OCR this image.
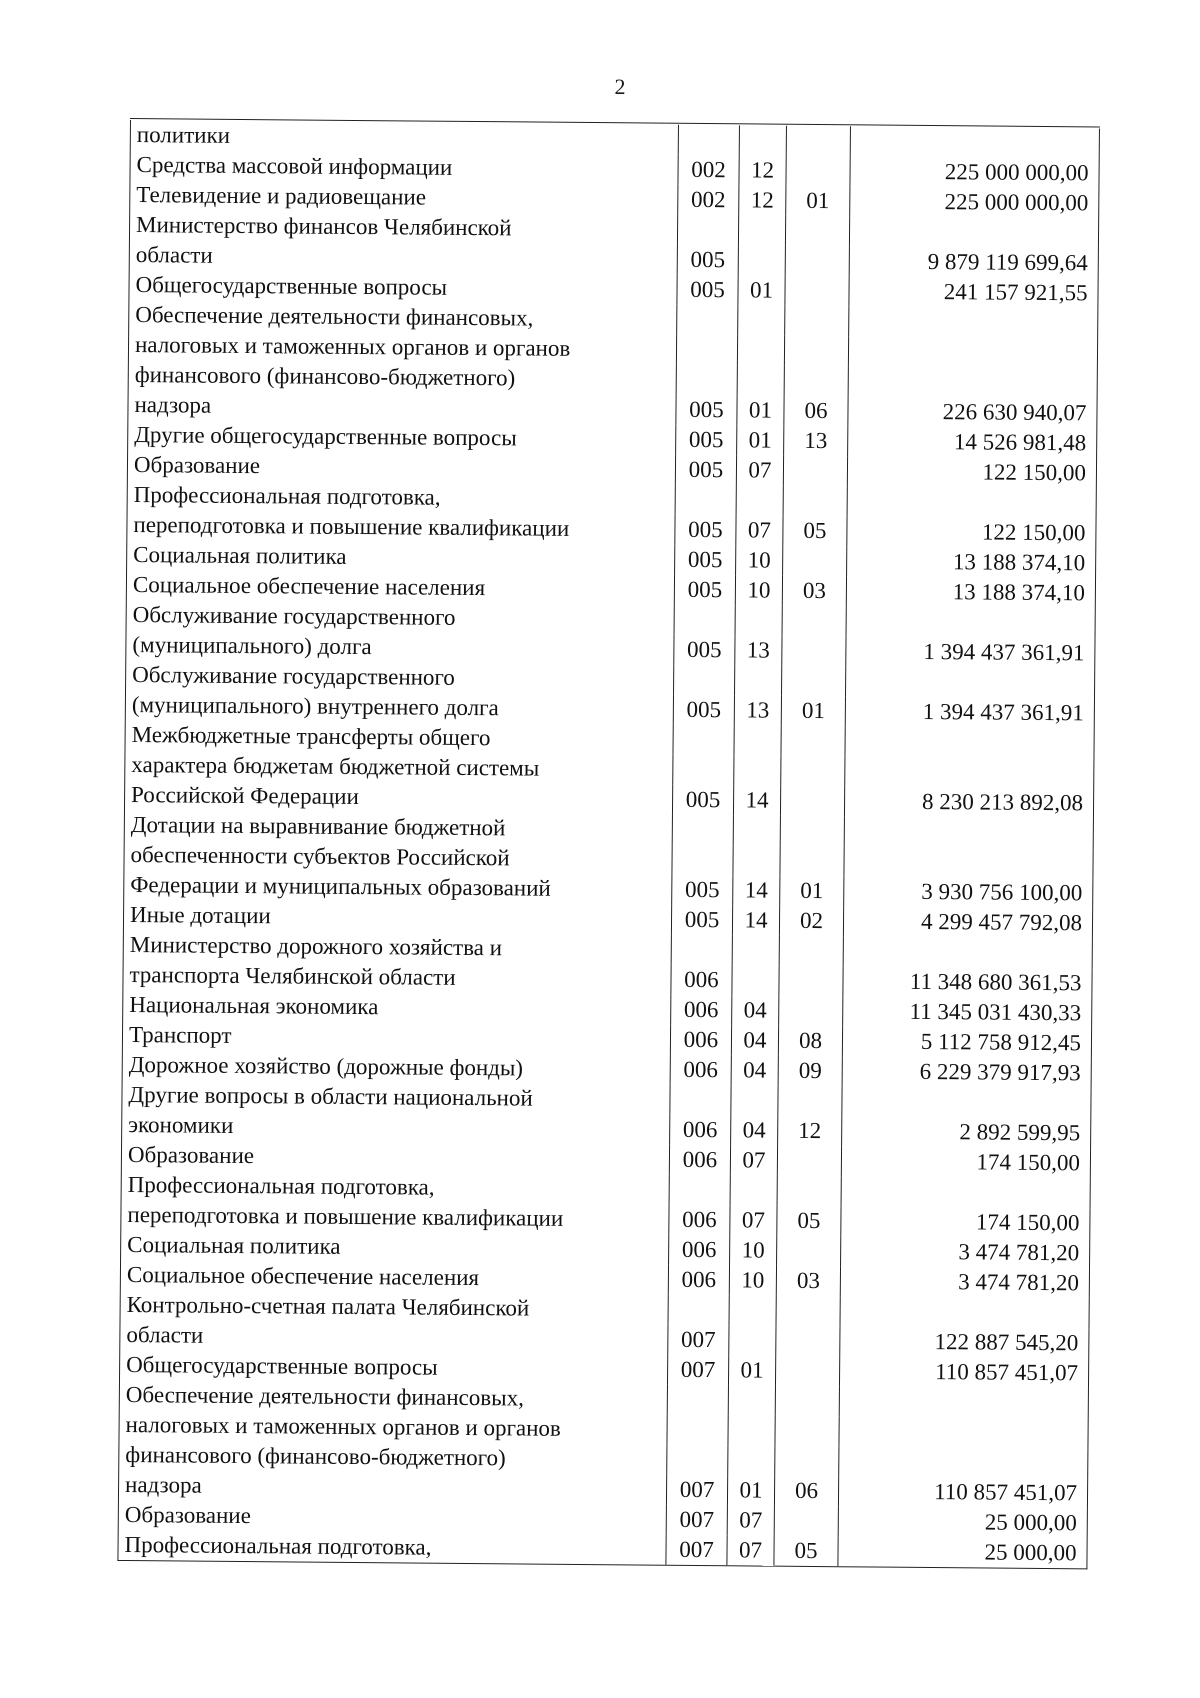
2
политики				
Средства массовой информации	002	12		225 000 000,00
Телевидение и радиовещание	002	12	01	225 000 000,00
Министерство финансов Челябинской				
области	005			9 879 119 699,64
Общегосударственные вопросы	005	01		241 157 921,55
Обеспечение деятельности финансовых,				
налоговых и таможенных органов и органов				
финансового (финансово-бюджетного)				
надзора	005	01	06	226 630 940,07
Другие общегосударственные вопросы	005	01	13	14 526 981,48
Образование	005	07		122 150,00
Профессиональная подготовка,				
переподготовка и повышение квалификации	005	07	05	122 150,00
Социальная политика	005	10		13 188 374,10
Социальное обеспечение населения	005	10	03	13 188 374,10
Обслуживание государственного				
(муниципального) долга	005	13		1 394 437 361,91
Обслуживание государственного				
(муниципального) внутреннего долга	005	13	01	1 394 437 361,91
Межбюджетные трансферты общего				
характера бюджетам бюджетной системы				
Российской Федерации	005	14		8 230 213 892,08
Дотации на выравнивание бюджетной				
обеспеченности субъектов Российской				
Федерации и муниципальных образований	005	14	01	3 930 756 100,00
Иные дотации	005	14	02	4 299 457 792,08
Министерство дорожного хозяйства и				
транспорта Челябинской области	006			11 348 680 361,53
Национальная экономика	006	04		11 345 031 430,33
Транспорт	006	04	08	5 112 758 912,45
Дорожное хозяйство (дорожные фонды)	006	04	09	6 229 379 917,93
Другие вопросы в области национальной				
экономики	006	04	12	2 892 599,95
Образование	006	07		174 150,00
Профессиональная подготовка,				
переподготовка и повышение квалификации	006	07	05	174 150,00
Социальная политика	006	10		3 474 781,20
Социальное обеспечение населения	006	10	03	3 474 781,20
Контрольно-счетная палата Челябинской				
области	007			122 887 545,20
Общегосударственные вопросы	007	01		110 857 451,07
Обеспечение деятельности финансовых,				
налоговых и таможенных органов и органов				
финансового (финансово-бюджетного)				
надзора	007	01	06	110 857 451,07
Образование	007	07		25 000,00
Профессиональная подготовка,	007	07	05	25 000,00
